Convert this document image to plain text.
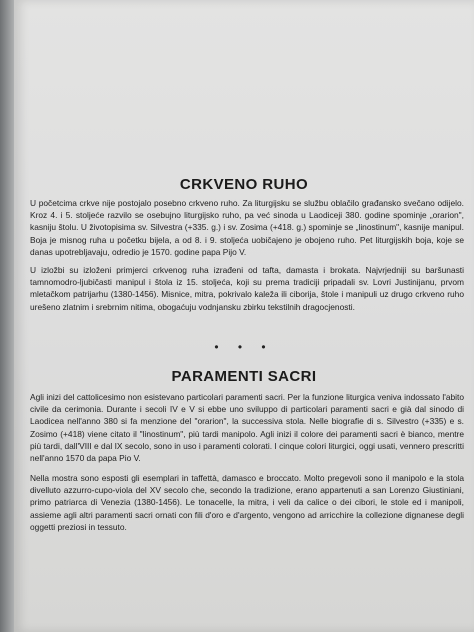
CRKVENO RUHO

U početcima crkve nije postojalo posebno crkveno ruho. Za liturgijsku se službu oblačilo građansko svečano odijelo. Kroz 4. i 5. stoljeće razvilo se osebujno liturgijsko ruho, pa već sinoda u Laodiceji 380. godine spominje „orarion", kasniju štolu. U životopisima sv. Silvestra (+335. g.) i sv. Zosima (+418. g.) spominje se „linostinum", kasnije manipul. Boja je misnog ruha u početku bijela, a od 8. i 9. stoljeća uobičajeno je obojeno ruho. Pet liturgijskih boja, koje se danas upotrebljavaju, odredio je 1570. godine papa Pijo V.

U izložbi su izloženi primjerci crkvenog ruha izrađeni od tafta, damasta i brokata. Najvrjedniji su baršunasti tamnomodro-ljubičasti manipul i štola iz 15. stoljeća, koji su prema tradiciji pripadali sv. Lovri Justinijanu, prvom mletačkom patrijarhu (1380-1456). Misnice, mitra, pokrivalo kaleža ili ciborija, štole i manipuli uz drugo crkveno ruho urešeno zlatnim i srebrnim nitima, obogaćuju vodnjansku zbirku tekstilnih dragocjenosti.

• • •
PARAMENTI SACRI

Agli inizi del cattolicesimo non esistevano particolari paramenti sacri. Per la funzione liturgica veniva indossato l'abito civile da cerimonia. Durante i secoli IV e V si ebbe uno sviluppo di particolari paramenti sacri e già dal sinodo di Laodicea nell'anno 380 si fa menzione del "orarion", la successiva stola. Nelle biografie di s. Silvestro (+335) e s. Zosimo (+418) viene citato il "linostinum", più tardi manipolo. Agli inizi il colore dei paramenti sacri è bianco, mentre più tardi, dall'VIII e dal IX secolo, sono in uso i paramenti colorati. I cinque colori liturgici, oggi usati, vennero prescritti nell'anno 1570 da papa Pio V.

Nella mostra sono esposti gli esemplari in taffettà, damasco e broccato. Molto pregevoli sono il manipolo e la stola divelluto azzurro-cupo-viola del XV secolo che, secondo la tradizione, erano appartenuti a san Lorenzo Giustiniani, primo patriarca di Venezia (1380-1456). Le tonacelle, la mitra, i veli da calice o dei cibori, le stole ed i manipoli, assieme agli altri paramenti sacri ornati con fili d'oro e d'argento, vengono ad arricchire la collezione dignanese degli oggetti preziosi in tessuto.
